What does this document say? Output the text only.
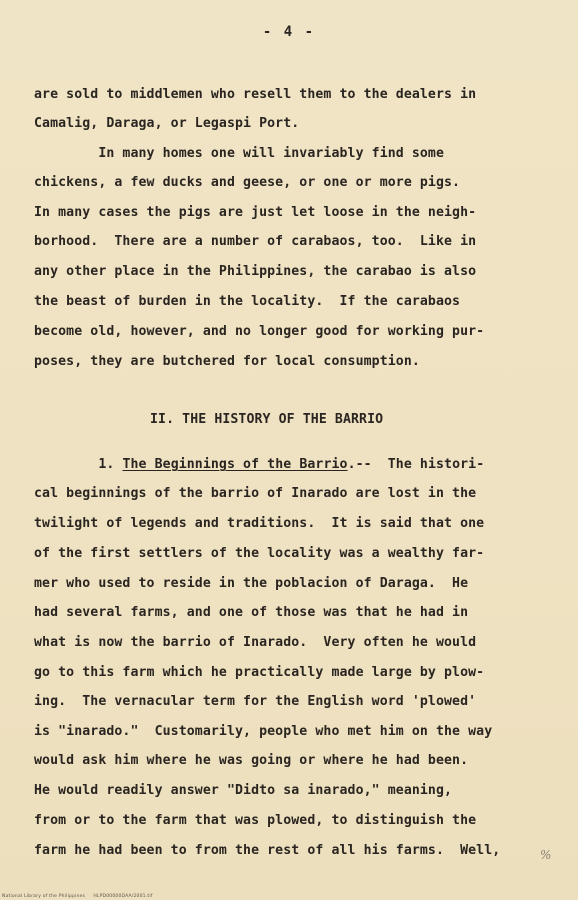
- 4 -
are sold to middlemen who resell them to the dealers in
Camalig, Daraga, or Legaspi Port.
In many homes one will invariably find some
chickens, a few ducks and geese, or one or more pigs.
In many cases the pigs are just let loose in the neigh-
borhood.  There are a number of carabaos, too.  Like in
any other place in the Philippines, the carabao is also
the beast of burden in the locality.  If the carabaos
become old, however, and no longer good for working pur-
poses, they are butchered for local consumption.
II. THE HISTORY OF THE BARRIO
1. The Beginnings of the Barrio.--  The histori-
cal beginnings of the barrio of Inarado are lost in the
twilight of legends and traditions.  It is said that one
of the first settlers of the locality was a wealthy far-
mer who used to reside in the poblacion of Daraga.  He
had several farms, and one of those was that he had in
what is now the barrio of Inarado.  Very often he would
go to this farm which he practically made large by plow-
ing.  The vernacular term for the English word 'plowed'
is "inarado."  Customarily, people who met him on the way
would ask him where he was going or where he had been.
He would readily answer "Didto sa inarado," meaning,
from or to the farm that was plowed, to distinguish the
farm he had been to from the rest of all his farms.  Well,	%
National Library of the Philippines     HLPD00000DAA/2001.tif
